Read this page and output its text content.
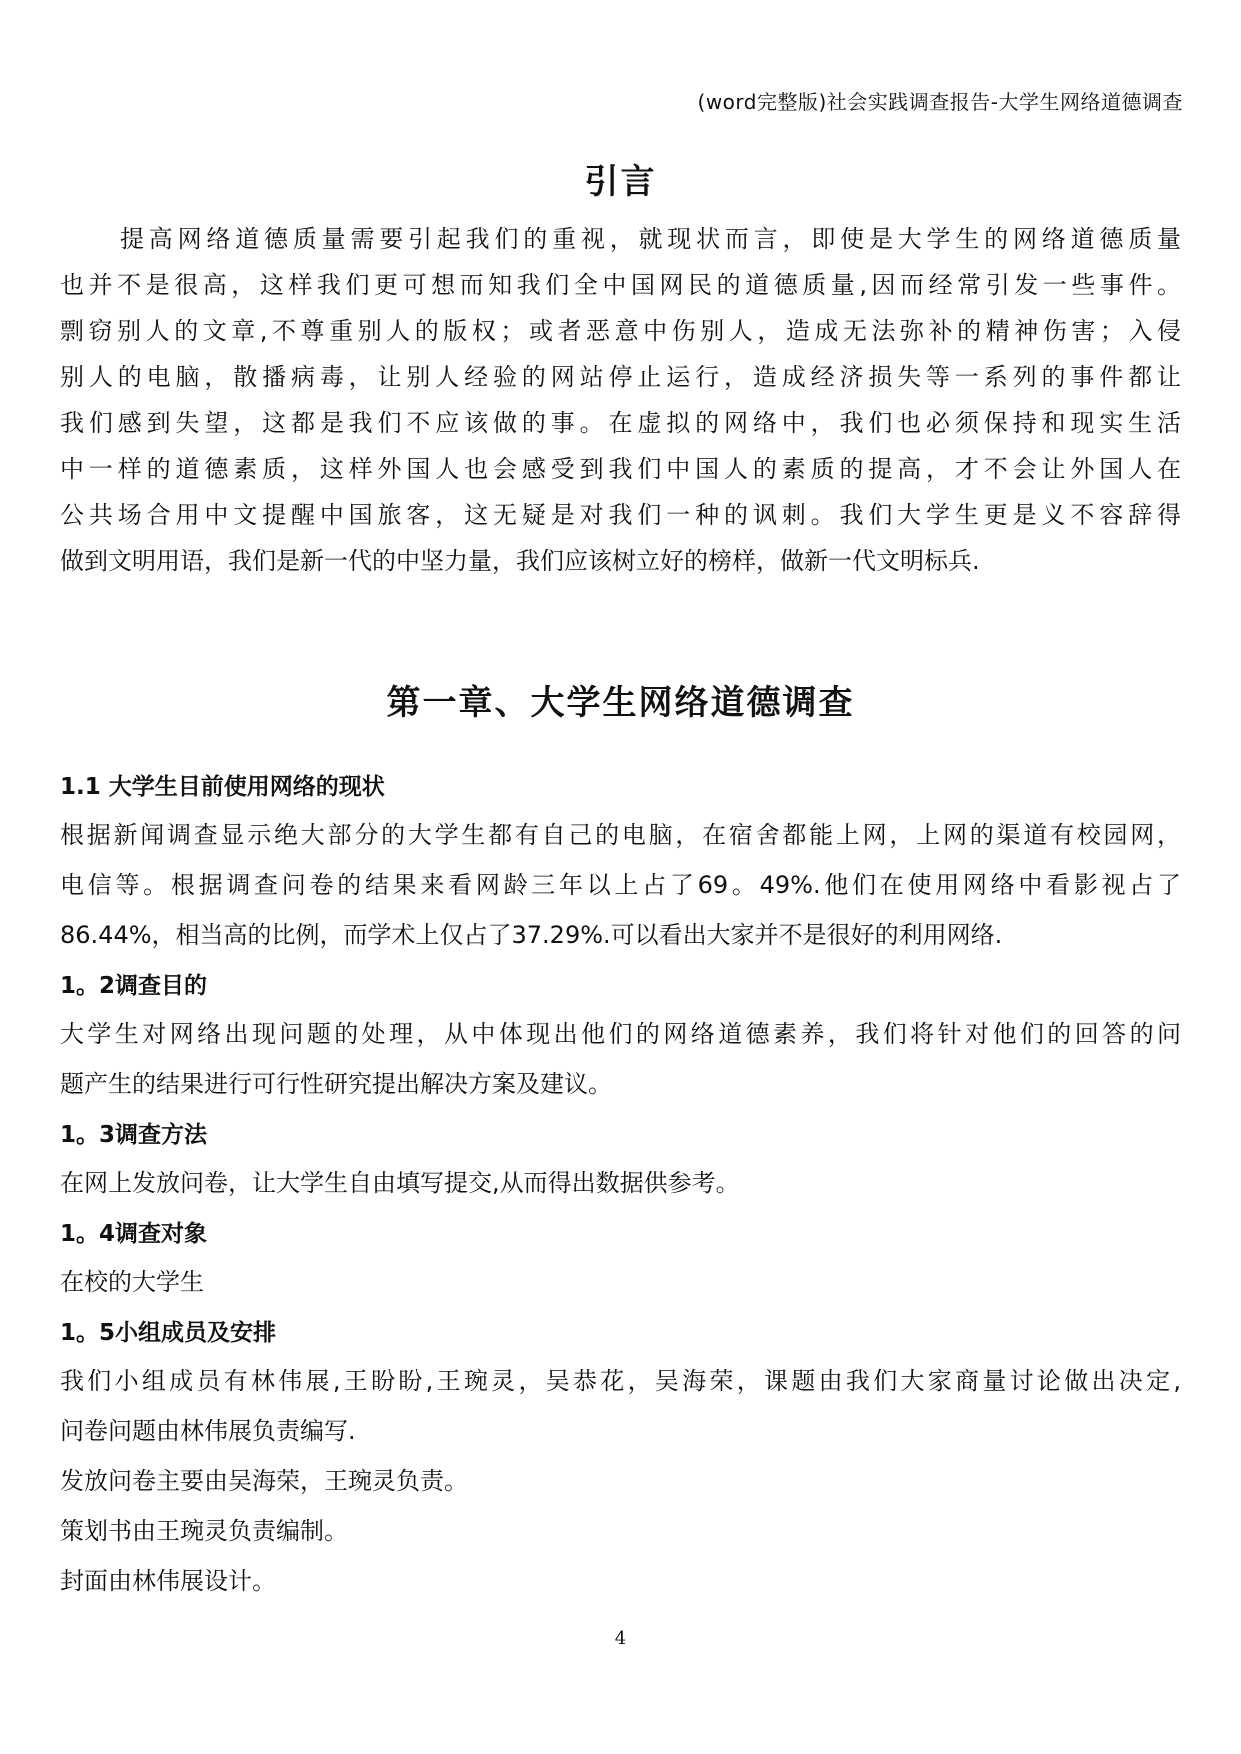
(word完整版)社会实践调查报告-大学生网络道德调查
引言
提高网络道德质量需要引起我们的重视，就现状而言，即使是大学生的网络道德质量
也并不是很高，这样我们更可想而知我们全中国网民的道德质量,因而经常引发一些事件。
剽窃别人的文章,不尊重别人的版权；或者恶意中伤别人，造成无法弥补的精神伤害；入侵
别人的电脑，散播病毒，让别人经验的网站停止运行，造成经济损失等一系列的事件都让
我们感到失望，这都是我们不应该做的事。在虚拟的网络中，我们也必须保持和现实生活
中一样的道德素质，这样外国人也会感受到我们中国人的素质的提高，才不会让外国人在
公共场合用中文提醒中国旅客，这无疑是对我们一种的讽刺。我们大学生更是义不容辞得
做到文明用语，我们是新一代的中坚力量，我们应该树立好的榜样，做新一代文明标兵.
第一章、大学生网络道德调查
1.1 大学生目前使用网络的现状
根据新闻调查显示绝大部分的大学生都有自己的电脑，在宿舍都能上网，上网的渠道有校园网，
电信等。根据调查问卷的结果来看网龄三年以上占了69。49%.他们在使用网络中看影视占了
86.44%，相当高的比例，而学术上仅占了37.29%.可以看出大家并不是很好的利用网络.
1。2调查目的
大学生对网络出现问题的处理，从中体现出他们的网络道德素养，我们将针对他们的回答的问
题产生的结果进行可行性研究提出解决方案及建议。
1。3调查方法
在网上发放问卷，让大学生自由填写提交,从而得出数据供参考。
1。4调查对象
在校的大学生
1。5小组成员及安排
我们小组成员有林伟展,王盼盼,王琬灵，吴恭花，吴海荣，课题由我们大家商量讨论做出决定,
问卷问题由林伟展负责编写.
发放问卷主要由吴海荣，王琬灵负责。
策划书由王琬灵负责编制。
封面由林伟展设计。
4
